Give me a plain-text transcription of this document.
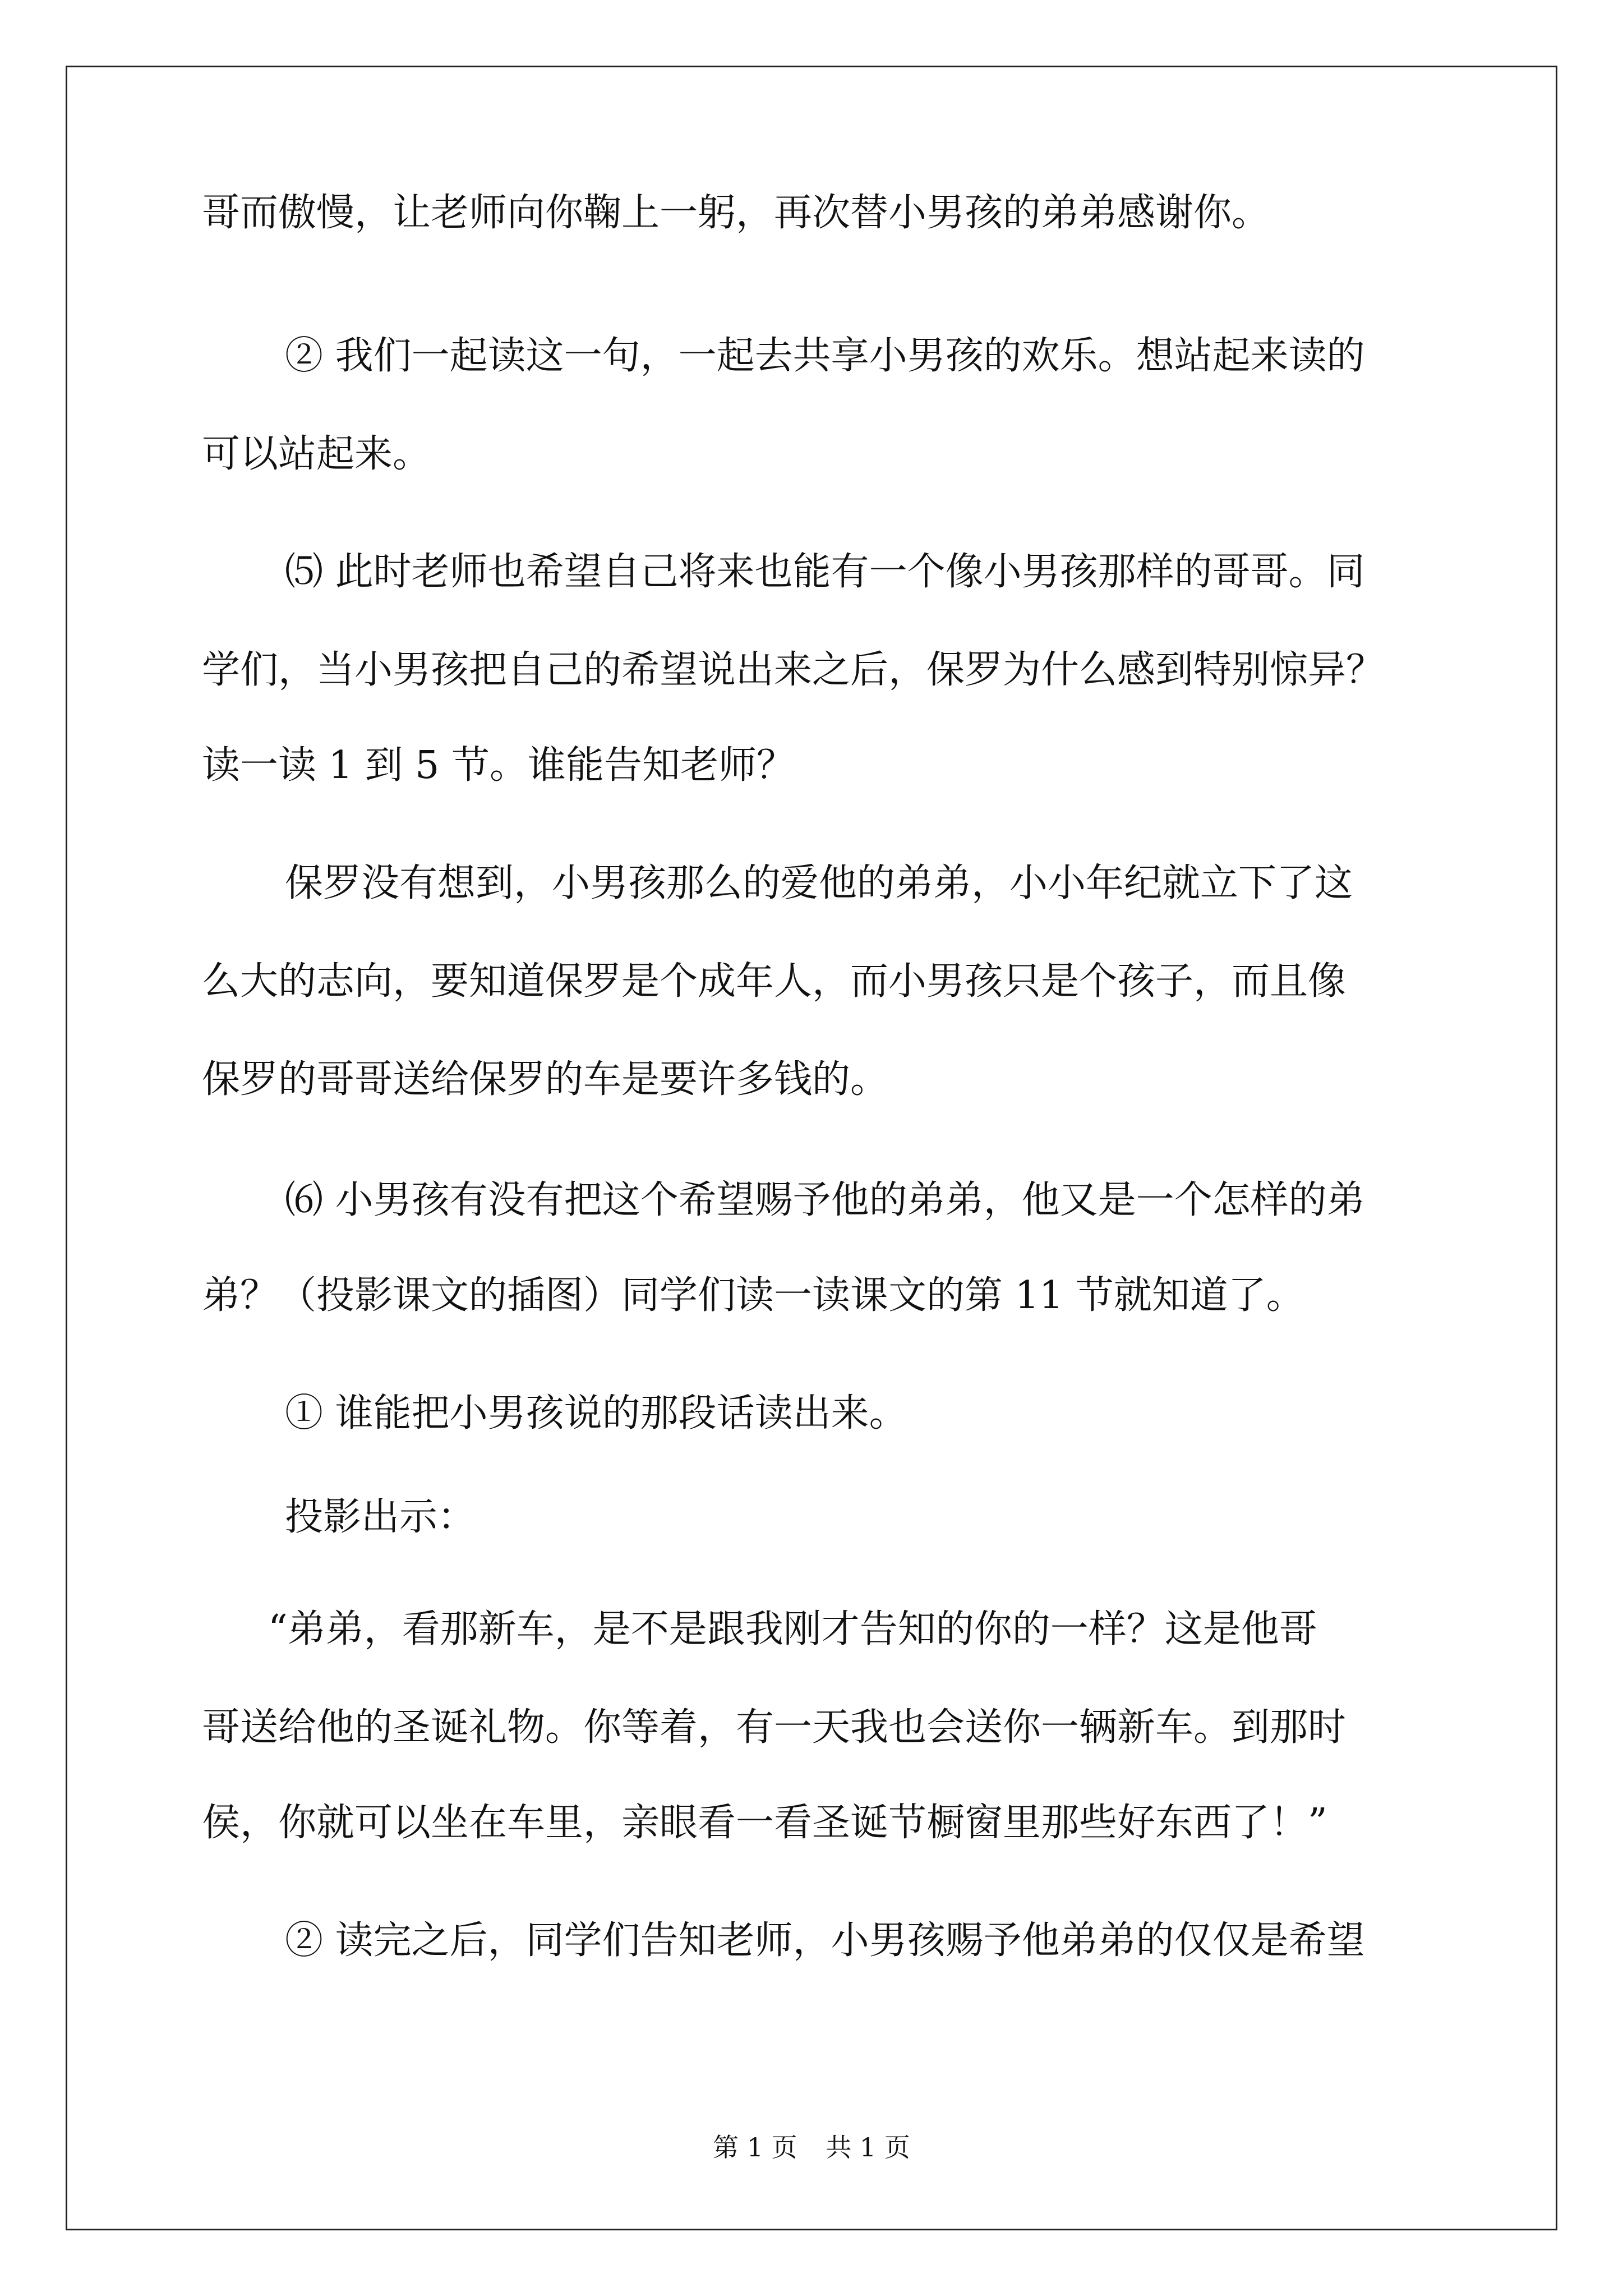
哥而傲慢，让老师向你鞠上一躬，再次替小男孩的弟弟感谢你。
② 我们一起读这一句，一起去共享小男孩的欢乐。想站起来读的
可以站起来。
⑸ 此时老师也希望自己将来也能有一个像小男孩那样的哥哥。同
学们，当小男孩把自己的希望说出来之后，保罗为什么感到特别惊异？
读一读 1 到 5 节。谁能告知老师？
保罗没有想到，小男孩那么的爱他的弟弟，小小年纪就立下了这
么大的志向，要知道保罗是个成年人，而小男孩只是个孩子，而且像
保罗的哥哥送给保罗的车是要许多钱的。
⑹ 小男孩有没有把这个希望赐予他的弟弟，他又是一个怎样的弟
弟？（投影课文的插图）同学们读一读课文的第 11 节就知道了。
① 谁能把小男孩说的那段话读出来。
投影出示：
“弟弟，看那新车，是不是跟我刚才告知的你的一样？这是他哥
哥送给他的圣诞礼物。你等着，有一天我也会送你一辆新车。到那时
侯，你就可以坐在车里，亲眼看一看圣诞节橱窗里那些好东西了！”
② 读完之后，同学们告知老师，小男孩赐予他弟弟的仅仅是希望
第 1 页 共 1 页
